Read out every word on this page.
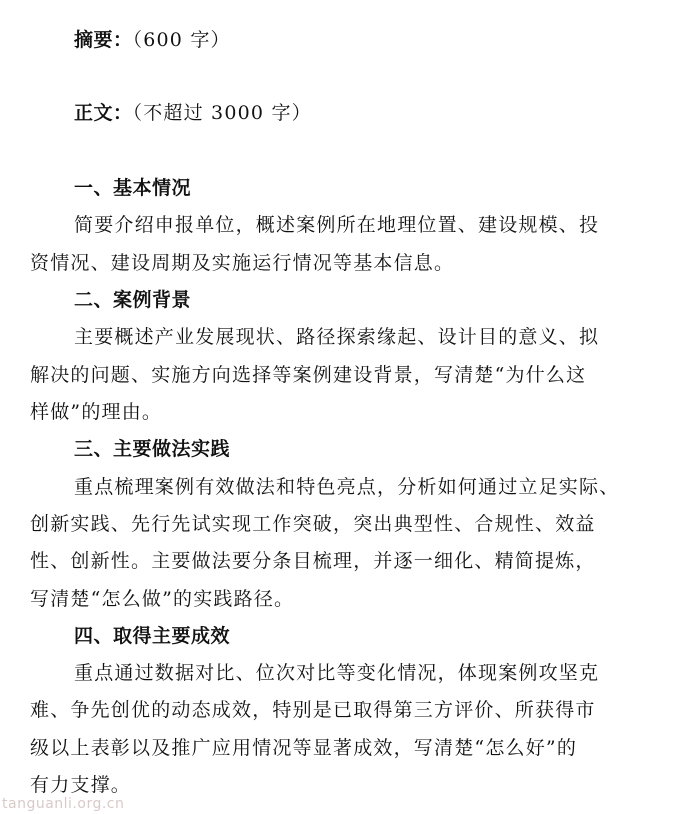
摘要：（600 字）
正文：（不超过 3000 字）
一、基本情况
简要介绍申报单位，概述案例所在地理位置、建设规模、投
资情况、建设周期及实施运行情况等基本信息。
二、案例背景
主要概述产业发展现状、路径探索缘起、设计目的意义、拟
解决的问题、实施方向选择等案例建设背景，写清楚“为什么这
样做”的理由。
三、主要做法实践
重点梳理案例有效做法和特色亮点，分析如何通过立足实际、
创新实践、先行先试实现工作突破，突出典型性、合规性、效益
性、创新性。主要做法要分条目梳理，并逐一细化、精简提炼，
写清楚“怎么做”的实践路径。
四、取得主要成效
重点通过数据对比、位次对比等变化情况，体现案例攻坚克
难、争先创优的动态成效，特别是已取得第三方评价、所获得市
级以上表彰以及推广应用情况等显著成效，写清楚“怎么好”的
有力支撑。
tanguanli.org.cn
